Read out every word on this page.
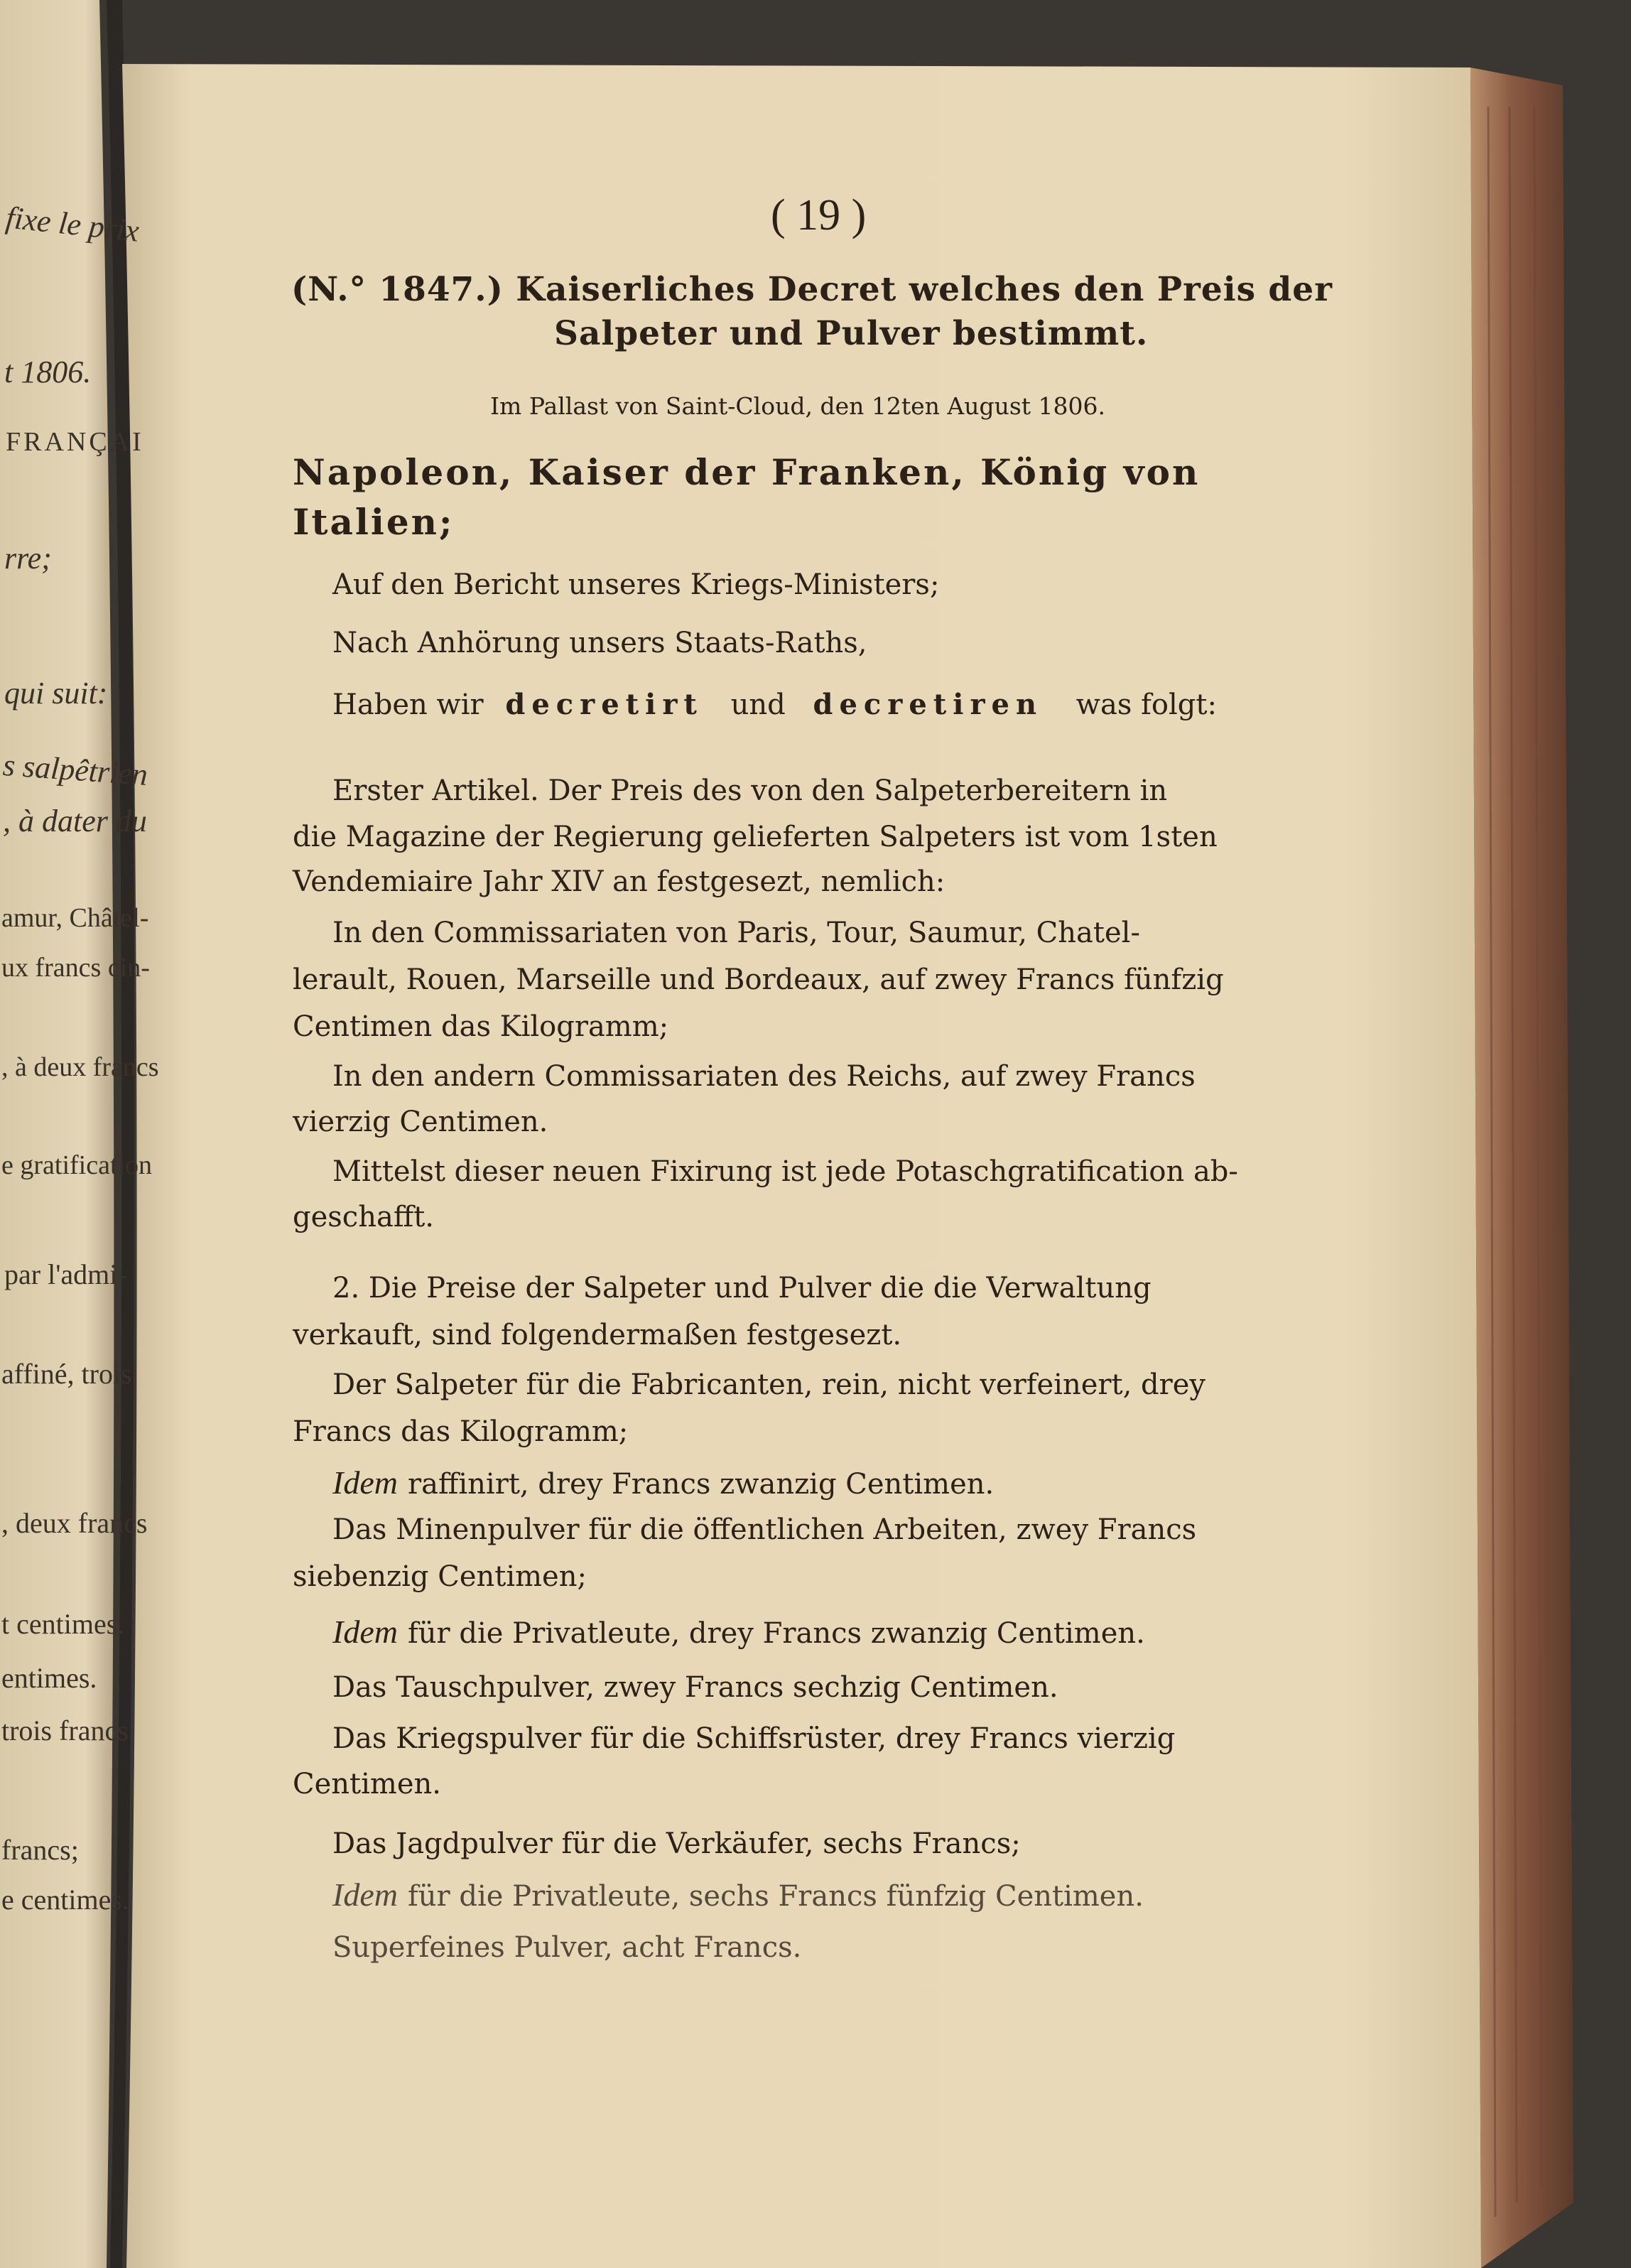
fixe le prix
t 1806.
FRANÇAI
rre;
qui suit:
s salpêtrien
, à dater du
amur, Châtel-
ux francs cin-
, à deux francs
e gratification
par l'admi-
affiné, trois
, deux francs
t centimes.
entimes.
trois francs
francs;
e centimes.
( 19 )
(N.° 1847.) Kaiserliches Decret welches den Preis der
Salpeter und Pulver bestimmt.
Im Pallast von Saint-Cloud, den 12ten August 1806.
Napoleon, Kaiser der Franken, König von
Italien;
Auf den Bericht unseres Kriegs-Ministers;
Nach Anhörung unsers Staats-Raths,
Haben wir decretirt und decretiren was folgt:
Erster Artikel. Der Preis des von den Salpeterbereitern in
die Magazine der Regierung gelieferten Salpeters ist vom 1sten
Vendemiaire Jahr XIV an festgesezt, nemlich:
In den Commissariaten von Paris, Tour, Saumur, Chatel-
lerault, Rouen, Marseille und Bordeaux, auf zwey Francs fünfzig
Centimen das Kilogramm;
In den andern Commissariaten des Reichs, auf zwey Francs
vierzig Centimen.
Mittelst dieser neuen Fixirung ist jede Potaschgratification ab-
geschafft.
2. Die Preise der Salpeter und Pulver die die Verwaltung
verkauft, sind folgendermaßen festgesezt.
Der Salpeter für die Fabricanten, rein, nicht verfeinert, drey
Francs das Kilogramm;
Idem raffinirt, drey Francs zwanzig Centimen.
Das Minenpulver für die öffentlichen Arbeiten, zwey Francs
siebenzig Centimen;
Idem für die Privatleute, drey Francs zwanzig Centimen.
Das Tauschpulver, zwey Francs sechzig Centimen.
Das Kriegspulver für die Schiffsrüster, drey Francs vierzig
Centimen.
Das Jagdpulver für die Verkäufer, sechs Francs;
Idem für die Privatleute, sechs Francs fünfzig Centimen.
Superfeines Pulver, acht Francs.
